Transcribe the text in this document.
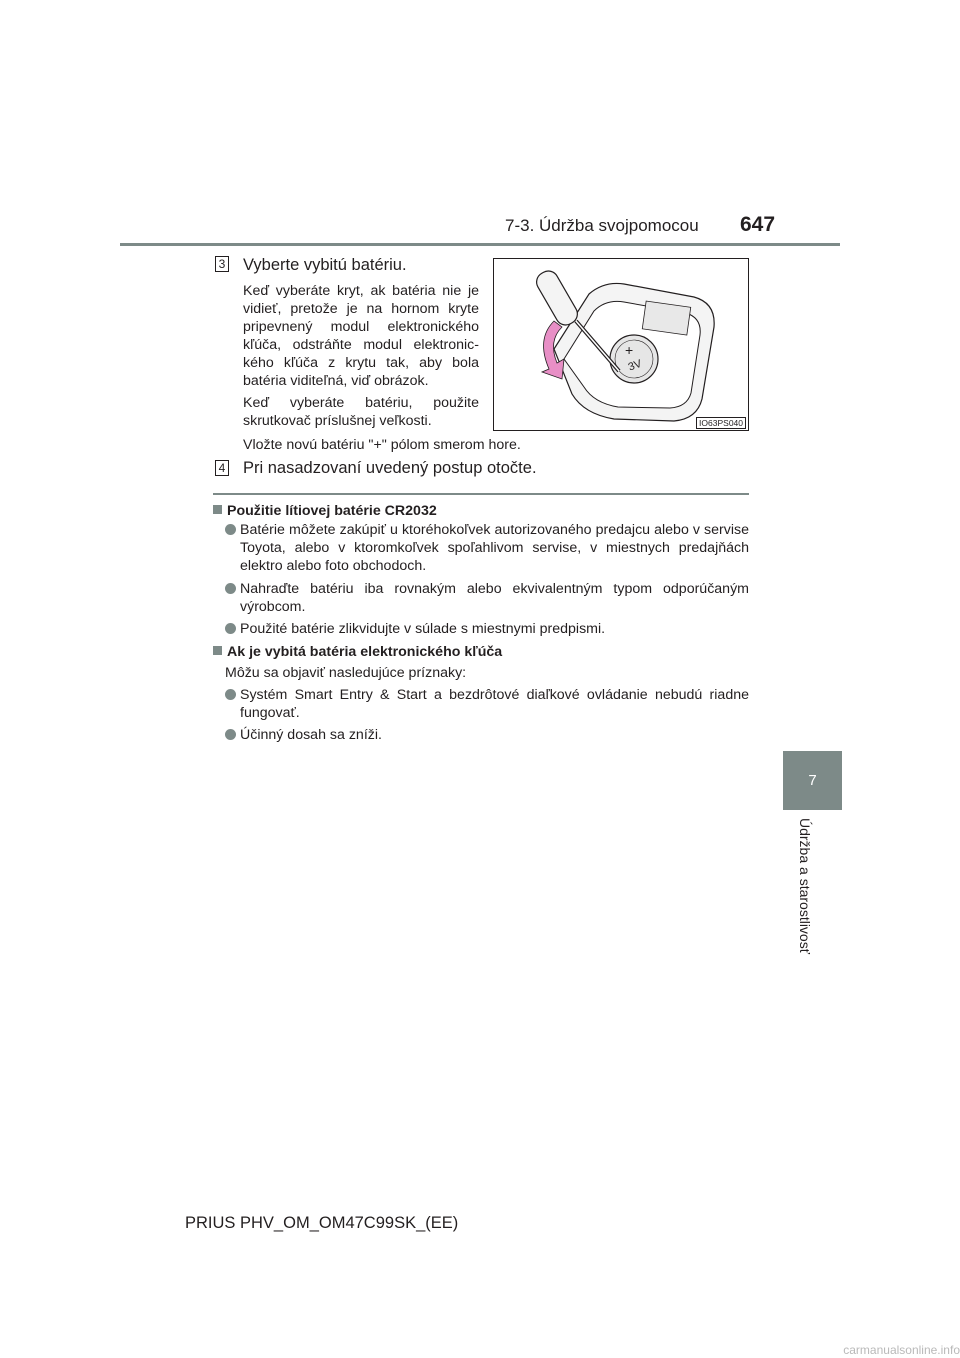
7-3. Údržba svojpomocou 647
7
Údržba a starostlivosť
3 Vyberte vybitú batériu.
Keď vyberáte kryt, ak batéria nie je vidieť, pretože je na hornom kryte pripevnený modul elektronického kľúča, odstráňte modul elektronic-kého kľúča z krytu tak, aby bola batéria viditeľná, viď obrázok.
Keď vyberáte batériu, použite skrutkovač príslušnej veľkosti.
Vložte novú batériu "+" pólom smerom hore.
+
3V
IO63PS040
4 Pri nasadzovaní uvedený postup otočte.
Použitie lítiovej batérie CR2032
Batérie môžete zakúpiť u ktoréhokoľvek autorizovaného predajcu alebo v servise Toyota, alebo v ktoromkoľvek spoľahlivom servise, v miestnych predajňách elektro alebo foto obchodoch.
Nahraďte batériu iba rovnakým alebo ekvivalentným typom odporúčaným výrobcom.
Použité batérie zlikvidujte v súlade s miestnymi predpismi.
Ak je vybitá batéria elektronického kľúča
Môžu sa objaviť nasledujúce príznaky:
Systém Smart Entry & Start a bezdrôtové diaľkové ovládanie nebudú riadne fungovať.
Účinný dosah sa zníži.
PRIUS PHV_OM_OM47C99SK_(EE)
carmanualsonline.info
